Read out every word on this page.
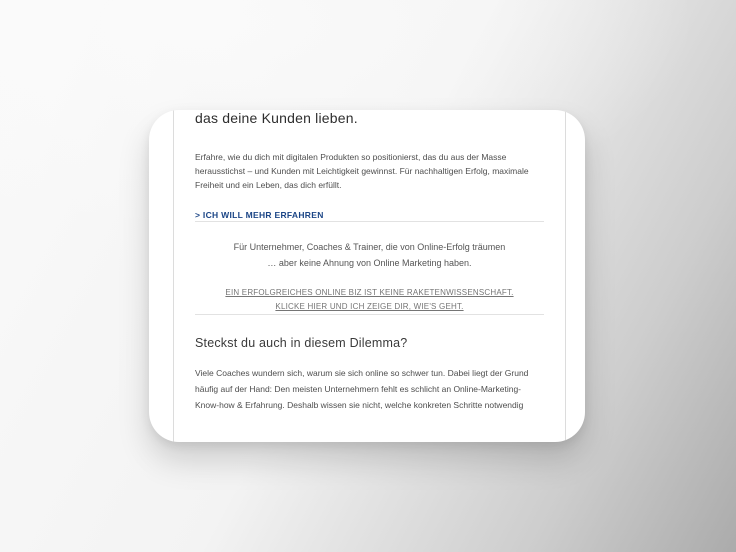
das deine Kunden lieben.
Erfahre, wie du dich mit digitalen Produkten so positionierst, das du aus der Masse
herausstichst – und Kunden mit Leichtigkeit gewinnst. Für nachhaltigen Erfolg, maximale
Freiheit und ein Leben, das dich erfüllt.
> ICH WILL MEHR ERFAHREN
Für Unternehmer, Coaches & Trainer, die von Online-Erfolg träumen
… aber keine Ahnung von Online Marketing haben.
EIN ERFOLGREICHES ONLINE BIZ IST KEINE RAKETENWISSENSCHAFT.
KLICKE HIER UND ICH ZEIGE DIR, WIE'S GEHT.
Steckst du auch in diesem Dilemma?
Viele Coaches wundern sich, warum sie sich online so schwer tun. Dabei liegt der Grund
häufig auf der Hand: Den meisten Unternehmern fehlt es schlicht an Online-Marketing-
Know-how & Erfahrung. Deshalb wissen sie nicht, welche konkreten Schritte notwendig
